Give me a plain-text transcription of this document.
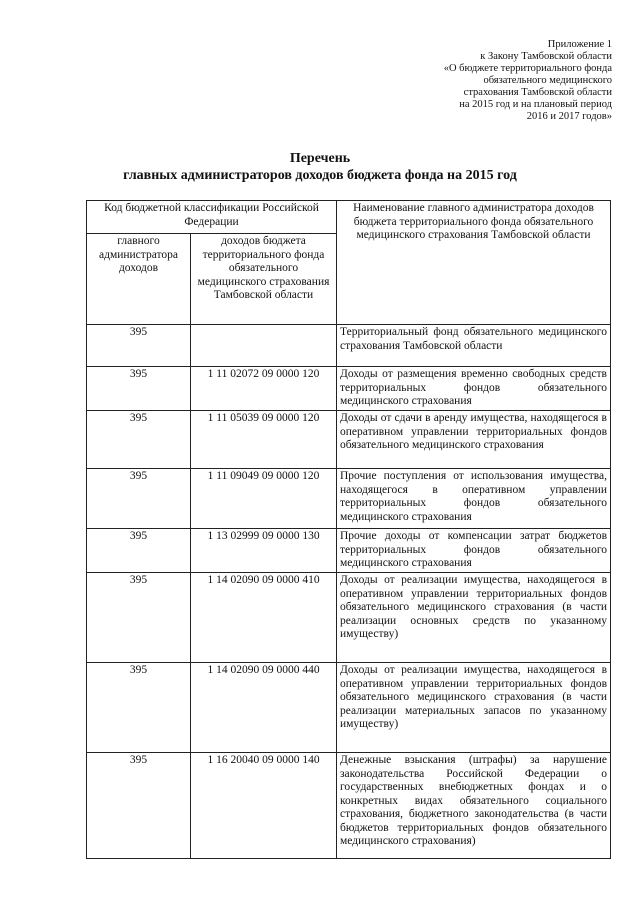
Приложение 1
к Закону Тамбовской области
«О бюджете территориального фонда
обязательного медицинского
страхования Тамбовской области
на 2015 год и на плановый период
2016 и 2017 годов»
Перечень
главных администраторов доходов бюджета фонда на 2015 год
Код бюджетной классификации Российской Федерации		Наименование главного администратора доходов бюджета территориального фонда обязательного медицинского страхования Тамбовской области
главного администратора доходов	доходов бюджета территориального фонда обязательного медицинского страхования Тамбовской области	
395		Территориальный фонд обязательного медицинского страхования Тамбовской области
395	1 11 02072 09 0000 120	Доходы от размещения временно свободных средств территориальных фондов обязательного медицинского страхования
395	1 11 05039 09 0000 120	Доходы от сдачи в аренду имущества, находящегося в оперативном управлении территориальных фондов обязательного медицинского страхования
395	1 11 09049 09 0000 120	Прочие поступления от использования имущества, находящегося в оперативном управлении территориальных фондов обязательного медицинского страхования
395	1 13 02999 09 0000 130	Прочие доходы от компенсации затрат бюджетов территориальных фондов обязательного медицинского страхования
395	1 14 02090 09 0000 410	Доходы от реализации имущества, находящегося в оперативном управлении территориальных фондов обязательного медицинского страхования (в части реализации основных средств по указанному имуществу)
395	1 14 02090 09 0000 440	Доходы от реализации имущества, находящегося в оперативном управлении территориальных фондов обязательного медицинского страхования (в части реализации материальных запасов по указанному имуществу)
395	1 16 20040 09 0000 140	Денежные взыскания (штрафы) за нарушение законодательства Российской Федерации о государственных внебюджетных фондах и о конкретных видах обязательного социального страхования, бюджетного законодательства (в части бюджетов территориальных фондов обязательного медицинского страхования)
